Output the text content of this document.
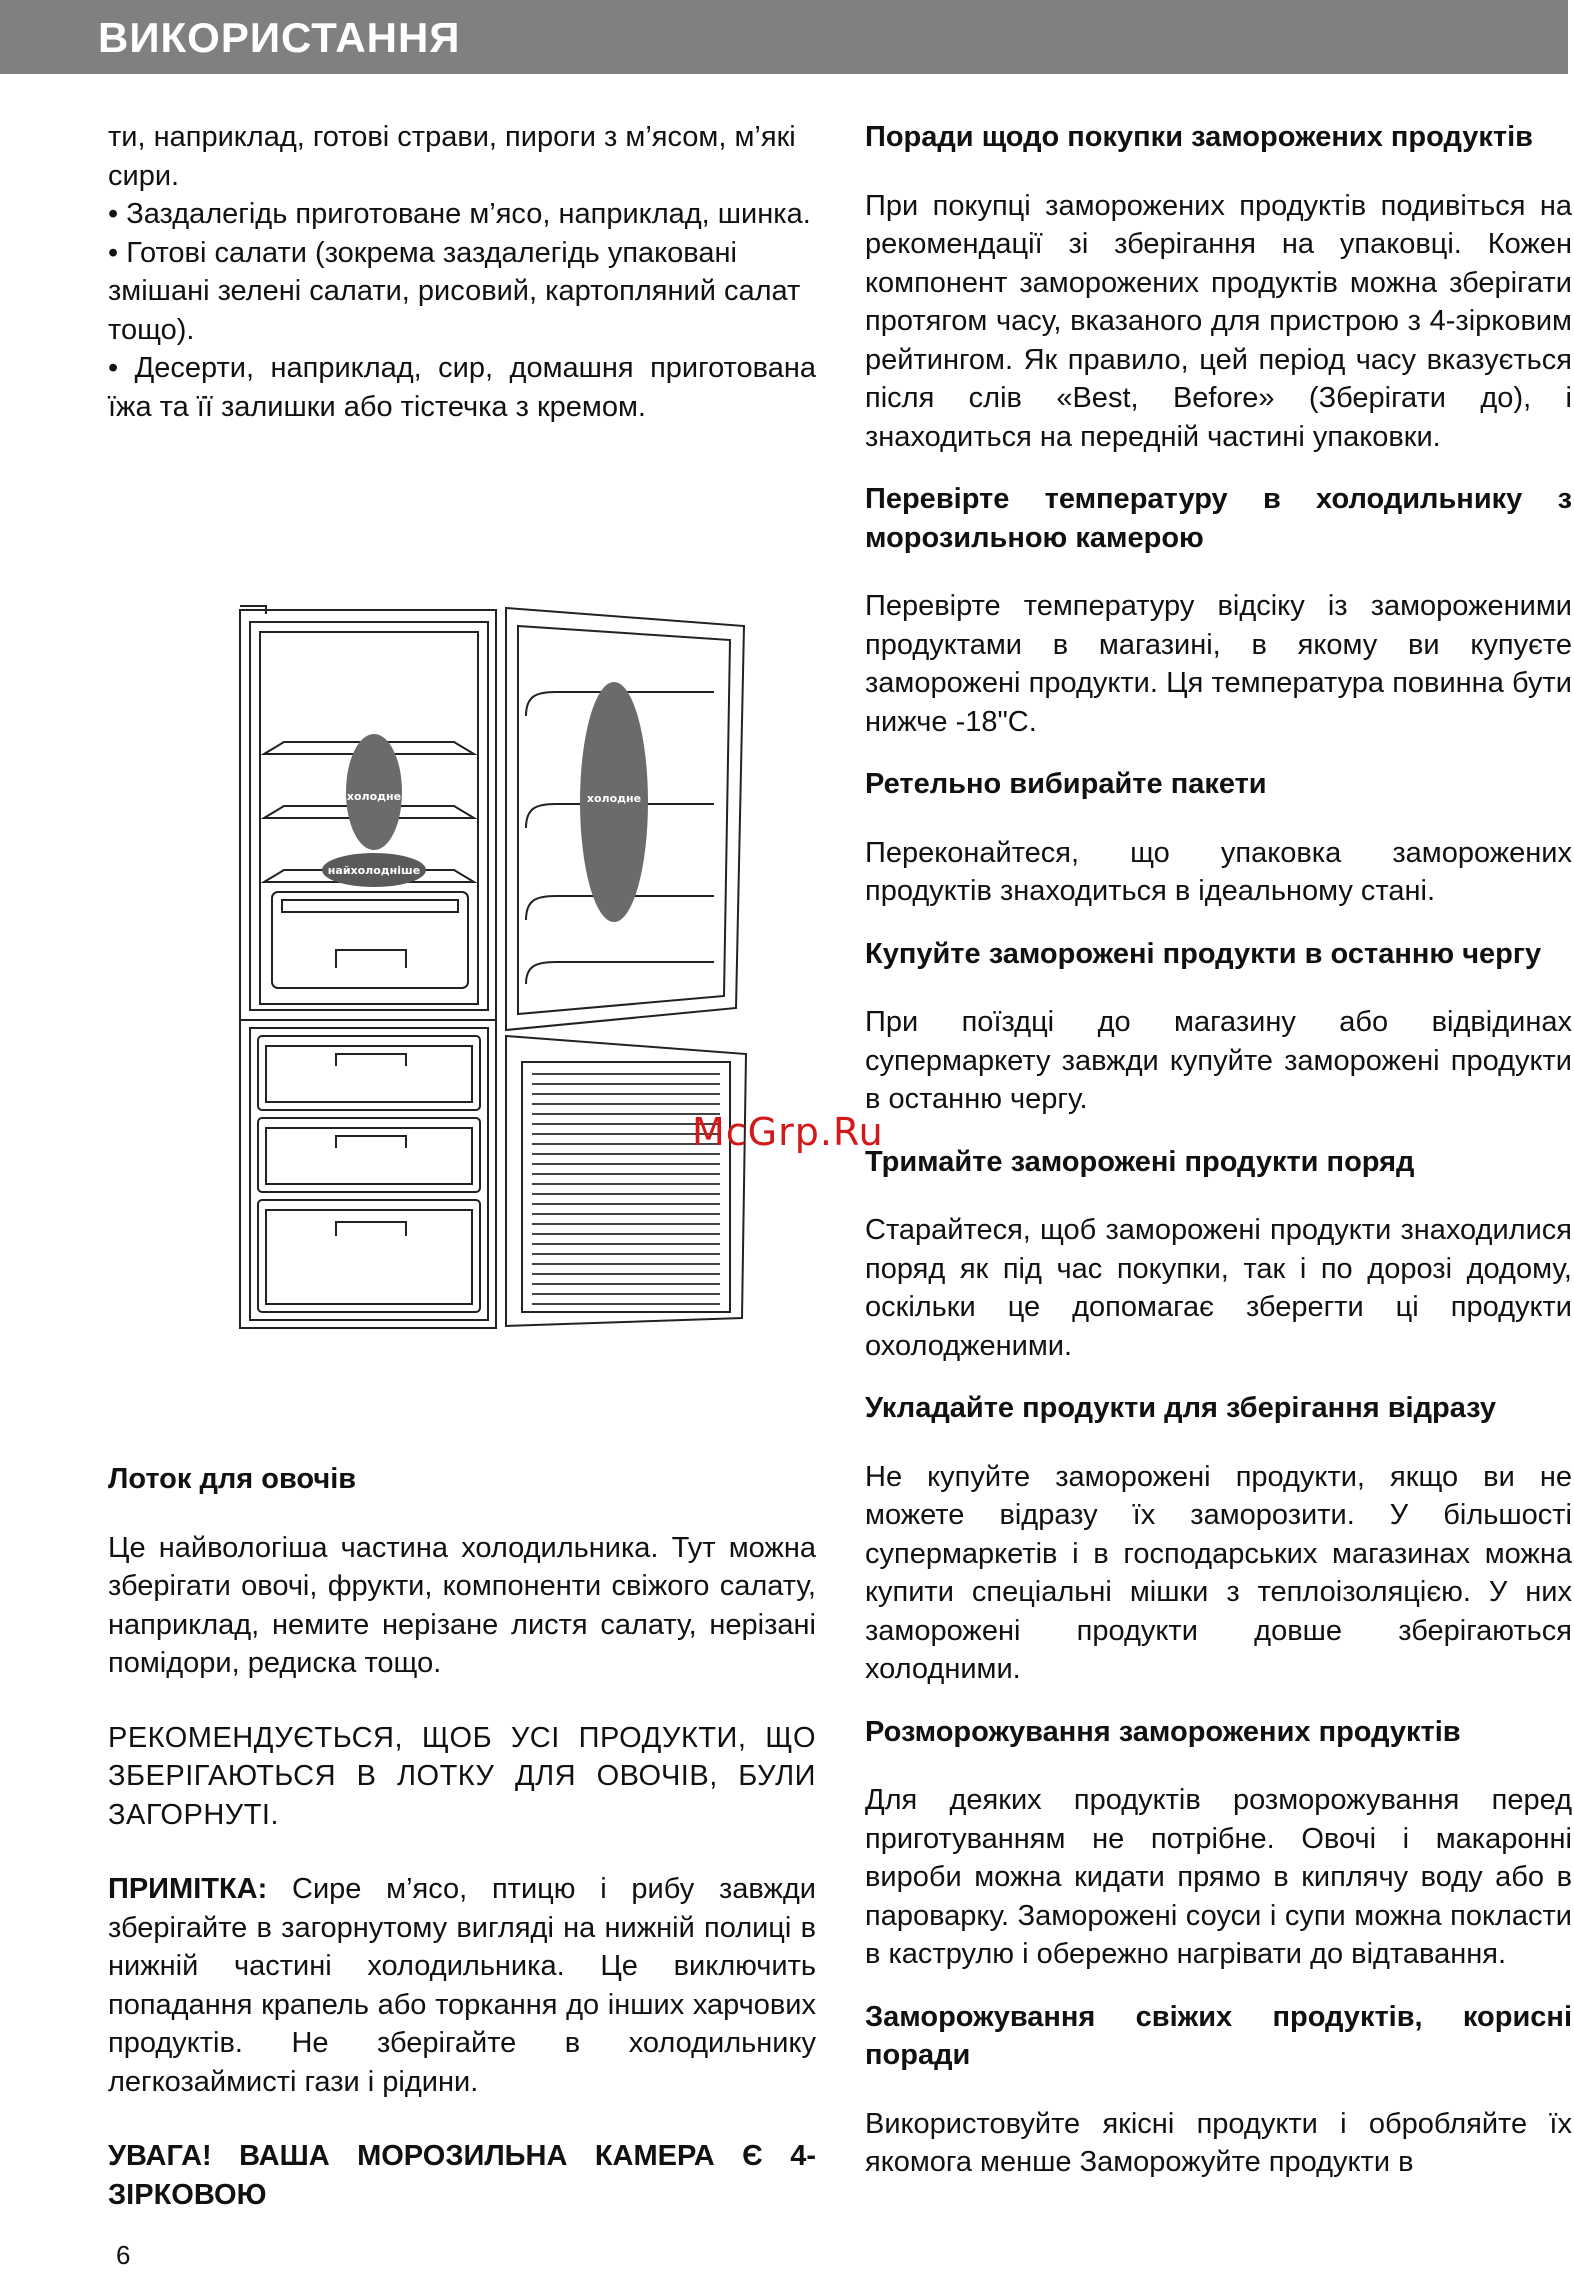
ВИКОРИСТАННЯ

ти, наприклад, готові страви, пироги з м’ясом, м’які сири.

• Заздалегідь приготоване м’ясо, наприклад, шинка.

• Готові салати (зокрема заздалегідь упаковані змішані зелені салати, рисовий, картопляний салат тощо).

• Десерти, наприклад, сир, домашня приготована їжа та її залишки або тістечка з кремом.

холодне
найхолодніше
холодне
Лоток для овочів

Це найвологіша частина холодильника. Тут можна зберігати овочі, фрукти, компоненти свіжого салату, наприклад, немите нерізане листя салату, нерізані помідори, редиска тощо.

РЕКОМЕНДУЄТЬСЯ, ЩОБ УСІ ПРОДУКТИ, ЩО ЗБЕРІГАЮТЬСЯ В ЛОТКУ ДЛЯ ОВОЧІВ, БУЛИ ЗАГОРНУТІ.

ПРИМІТКА: Сире м’ясо, птицю і рибу завжди зберігайте в загорнутому вигляді на нижній полиці в нижній частині холодильника. Це виключить попадання крапель або торкання до інших харчових продуктів. Не зберігайте в холодильнику легкозаймисті гази і рідини.

УВАГА! ВАША МОРОЗИЛЬНА КАМЕРА Є 4-ЗІРКОВОЮ

Поради щодо покупки заморожених продуктів

При покупці заморожених продуктів подивіться на рекомендації зі зберігання на упаковці. Кожен компонент заморожених продуктів можна зберігати протягом часу, вказаного для пристрою з 4-зірковим рейтингом. Як правило, цей період часу вказується після слів «Best, Before» (Зберігати до), і знаходиться на передній частині упаковки.

Перевірте температуру в холодильнику з морозильною камерою

Перевірте температуру відсіку із замороженими продуктами в магазині, в якому ви купуєте заморожені продукти. Ця температура повинна бути нижче -18"С.

Ретельно вибирайте пакети

Переконайтеся, що упаковка заморожених продуктів знаходиться в ідеальному стані.

Купуйте заморожені продукти в останню чергу

При поїздці до магазину або відвідинах супермаркету завжди купуйте заморожені продукти в останню чергу.

Тримайте заморожені продукти поряд

Старайтеся, щоб заморожені продукти знаходилися поряд як під час покупки, так і по дорозі додому, оскільки це допомагає зберегти ці продукти охолодженими.

Укладайте продукти для зберігання відразу

Не купуйте заморожені продукти, якщо ви не можете відразу їх заморозити. У більшості супермаркетів і в господарських магазинах можна купити спеціальні мішки з теплоізоляцією. У них заморожені продукти довше зберігаються холодними.

Розморожування заморожених продуктів

Для деяких продуктів розморожування перед приготуванням не потрібне. Овочі і макаронні вироби можна кидати прямо в киплячу воду або в пароварку. Заморожені соуси і супи можна покласти в каструлю і обережно нагрівати до відтавання.

Заморожування свіжих продуктів, корисні поради

Використовуйте якісні продукти і обробляйте їх якомога менше Заморожуйте продукти в

McGrp.Ru
6
